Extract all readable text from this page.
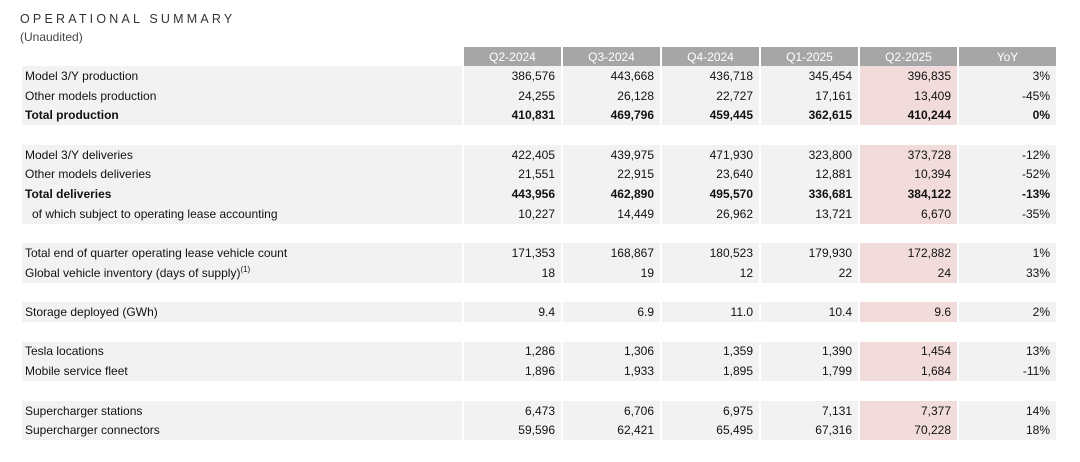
OPERATIONAL SUMMARY
(Unaudited)
	Q2-2024	Q3-2024	Q4-2024	Q1-2025	Q2-2025	YoY
Model 3/Y production	386,576	443,668	436,718	345,454	396,835	3%
Other models production	24,255	26,128	22,727	17,161	13,409	-45%
Total production	410,831	469,796	459,445	362,615	410,244	0%

Model 3/Y deliveries	422,405	439,975	471,930	323,800	373,728	-12%
Other models deliveries	21,551	22,915	23,640	12,881	10,394	-52%
Total deliveries	443,956	462,890	495,570	336,681	384,122	-13%
of which subject to operating lease accounting	10,227	14,449	26,962	13,721	6,670	-35%

Total end of quarter operating lease vehicle count	171,353	168,867	180,523	179,930	172,882	1%
Global vehicle inventory (days of supply)$^{(1)}$	18	19	12	22	24	33%

Storage deployed (GWh)	9.4	6.9	11.0	10.4	9.6	2%

Tesla locations	1,286	1,306	1,359	1,390	1,454	13%
Mobile service fleet	1,896	1,933	1,895	1,799	1,684	-11%

Supercharger stations	6,473	6,706	6,975	7,131	7,377	14%
Supercharger connectors	59,596	62,421	65,495	67,316	70,228	18%
